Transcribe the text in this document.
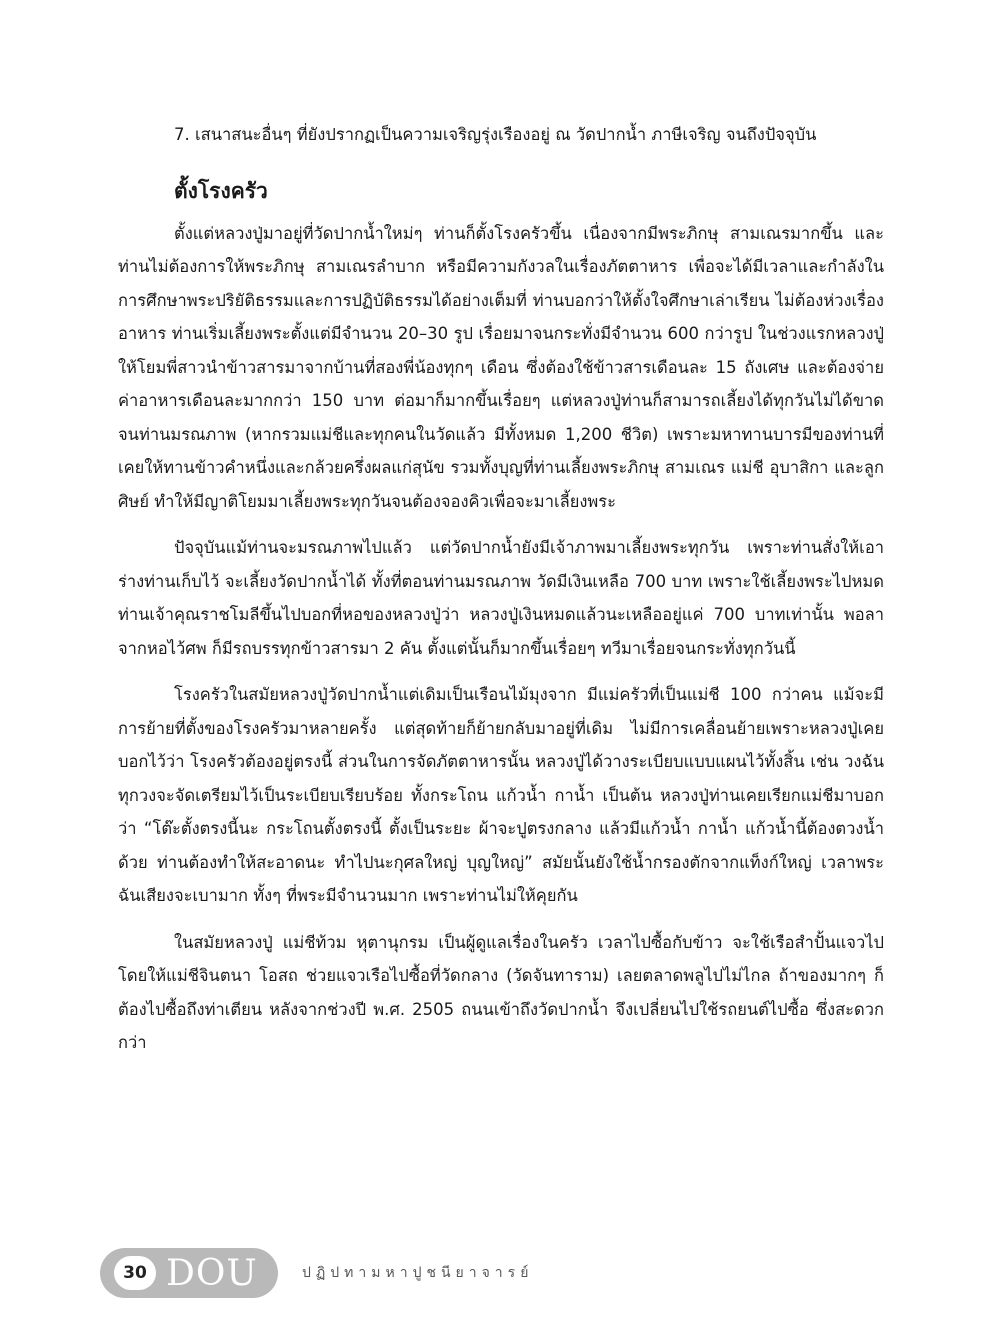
7. เสนาสนะอื่นๆ ที่ยังปรากฏเป็นความเจริญรุ่งเรืองอยู่ ณ วัดปากน้ำ ภาษีเจริญ จนถึงปัจจุบัน

ตั้งโรงครัว

ตั้งแต่หลวงปู่มาอยู่ที่วัดปากน้ำใหม่ๆ ท่านก็ตั้งโรงครัวขึ้น เนื่องจากมีพระภิกษุ สามเณรมากขึ้น และท่านไม่ต้องการให้พระภิกษุ สามเณรลำบาก หรือมีความกังวลในเรื่องภัตตาหาร เพื่อจะได้มีเวลาและกำลังในการศึกษาพระปริยัติธรรมและการปฏิบัติธรรมได้อย่างเต็มที่ ท่านบอกว่าให้ตั้งใจศึกษาเล่าเรียน ไม่ต้องห่วงเรื่องอาหาร ท่านเริ่มเลี้ยงพระตั้งแต่มีจำนวน 20–30 รูป เรื่อยมาจนกระทั่งมีจำนวน 600 กว่ารูป ในช่วงแรกหลวงปู่ให้โยมพี่สาวนำข้าวสารมาจากบ้านที่สองพี่น้องทุกๆ เดือน ซึ่งต้องใช้ข้าวสารเดือนละ 15 ถังเศษ และต้องจ่ายค่าอาหารเดือนละมากกว่า 150 บาท ต่อมาก็มากขึ้นเรื่อยๆ แต่หลวงปู่ท่านก็สามารถเลี้ยงได้ทุกวันไม่ได้ขาดจนท่านมรณภาพ (หากรวมแม่ชีและทุกคนในวัดแล้ว มีทั้งหมด 1,200 ชีวิต) เพราะมหาทานบารมีของท่านที่เคยให้ทานข้าวคำหนึ่งและกล้วยครึ่งผลแก่สุนัข รวมทั้งบุญที่ท่านเลี้ยงพระภิกษุ สามเณร แม่ชี อุบาสิกา และลูกศิษย์ ทำให้มีญาติโยมมาเลี้ยงพระทุกวันจนต้องจองคิวเพื่อจะมาเลี้ยงพระ

ปัจจุบันแม้ท่านจะมรณภาพไปแล้ว แต่วัดปากน้ำยังมีเจ้าภาพมาเลี้ยงพระทุกวัน เพราะท่านสั่งให้เอาร่างท่านเก็บไว้ จะเลี้ยงวัดปากน้ำได้ ทั้งที่ตอนท่านมรณภาพ วัดมีเงินเหลือ 700 บาท เพราะใช้เลี้ยงพระไปหมด ท่านเจ้าคุณราชโมลีขึ้นไปบอกที่หอของหลวงปู่ว่า หลวงปู่เงินหมดแล้วนะเหลืออยู่แค่ 700 บาทเท่านั้น พอลาจากหอไว้ศพ ก็มีรถบรรทุกข้าวสารมา 2 คัน ตั้งแต่นั้นก็มากขึ้นเรื่อยๆ ทวีมาเรื่อยจนกระทั่งทุกวันนี้

โรงครัวในสมัยหลวงปู่วัดปากน้ำแต่เดิมเป็นเรือนไม้มุงจาก มีแม่ครัวที่เป็นแม่ชี 100 กว่าคน แม้จะมีการย้ายที่ตั้งของโรงครัวมาหลายครั้ง แต่สุดท้ายก็ย้ายกลับมาอยู่ที่เดิม ไม่มีการเคลื่อนย้ายเพราะหลวงปู่เคยบอกไว้ว่า โรงครัวต้องอยู่ตรงนี้ ส่วนในการจัดภัตตาหารนั้น หลวงปู่ได้วางระเบียบแบบแผนไว้ทั้งสิ้น เช่น วงฉันทุกวงจะจัดเตรียมไว้เป็นระเบียบเรียบร้อย ทั้งกระโถน แก้วน้ำ กาน้ำ เป็นต้น หลวงปู่ท่านเคยเรียกแม่ชีมาบอกว่า “โต๊ะตั้งตรงนี้นะ กระโถนตั้งตรงนี้ ตั้งเป็นระยะ ผ้าจะปูตรงกลาง แล้วมีแก้วน้ำ กาน้ำ แก้วน้ำนี้ต้องตวงน้ำด้วย ท่านต้องทำให้สะอาดนะ ทำไปนะกุศลใหญ่ บุญใหญ่” สมัยนั้นยังใช้น้ำกรองตักจากแท็งก์ใหญ่ เวลาพระฉันเสียงจะเบามาก ทั้งๆ ที่พระมีจำนวนมาก เพราะท่านไม่ให้คุยกัน

ในสมัยหลวงปู่ แม่ชีท้วม หุตานุกรม เป็นผู้ดูแลเรื่องในครัว เวลาไปซื้อกับข้าว จะใช้เรือสำปั้นแจวไป โดยให้แม่ชีจินตนา โอสถ ช่วยแจวเรือไปซื้อที่วัดกลาง (วัดจันทาราม) เลยตลาดพลูไปไม่ไกล ถ้าของมากๆ ก็ต้องไปซื้อถึงท่าเตียน หลังจากช่วงปี พ.ศ. 2505 ถนนเข้าถึงวัดปากน้ำ จึงเปลี่ยนไปใช้รถยนต์ไปซื้อ ซึ่งสะดวกกว่า

30 DOU	ปฏิปทามหาปูชนียาจารย์
